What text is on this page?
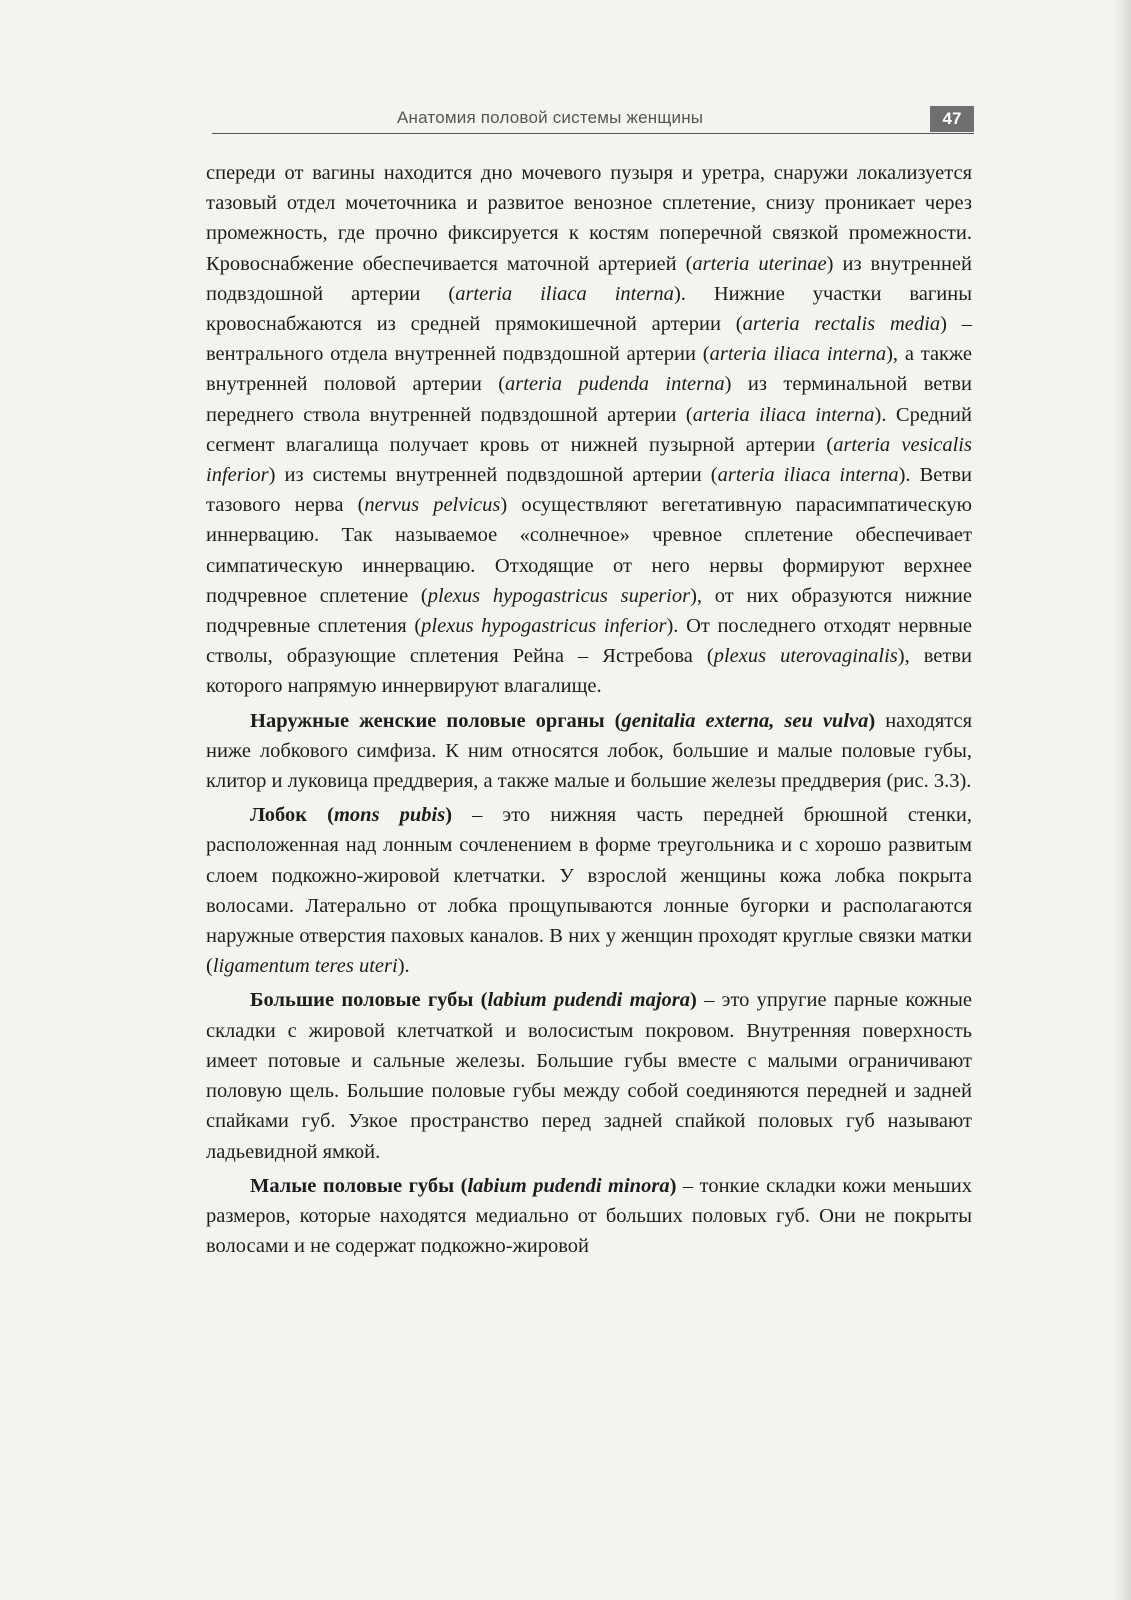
Анатомия половой системы женщины	47

спереди от вагины находится дно мочевого пузыря и уретра, снаружи локализуется тазовый отдел мочеточника и развитое венозное сплетение, снизу проникает через промежность, где прочно фиксируется к костям поперечной связкой промежности. Кровоснабжение обеспечивается маточной артерией (arteria uterinae) из внутренней подвздошной артерии (arteria iliaca interna). Нижние участки вагины кровоснабжаются из средней прямокишечной артерии (arteria rectalis media) – вентрального отдела внутренней подвздошной артерии (arteria iliaca interna), а также внутренней половой артерии (arteria pudenda interna) из терминальной ветви переднего ствола внутренней подвздошной артерии (arteria iliaca interna). Средний сегмент влагалища получает кровь от нижней пузырной артерии (arteria vesicalis inferior) из системы внутренней подвздошной артерии (arteria iliaca interna). Ветви тазового нерва (nervus pelvicus) осуществляют вегетативную парасимпатическую иннервацию. Так называемое «солнечное» чревное сплетение обеспечивает симпатическую иннервацию. Отходящие от него нервы формируют верхнее подчревное сплетение (plexus hypogastricus superior), от них образуются нижние подчревные сплетения (plexus hypogastricus inferior). От последнего отходят нервные стволы, образующие сплетения Рейна – Ястребова (plexus uterovaginalis), ветви которого напрямую иннервируют влагалище.

Наружные женские половые органы (genitalia externa, seu vulva) находятся ниже лобкового симфиза. К ним относятся лобок, большие и малые половые губы, клитор и луковица преддверия, а также малые и большие железы преддверия (рис. 3.3).

Лобок (mons pubis) – это нижняя часть передней брюшной стенки, расположенная над лонным сочленением в форме треугольника и с хорошо развитым слоем подкожно-жировой клетчатки. У взрослой женщины кожа лобка покрыта волосами. Латерально от лобка прощупываются лонные бугорки и располагаются наружные отверстия паховых каналов. В них у женщин проходят круглые связки матки (ligamentum teres uteri).

Большие половые губы (labium pudendi majora) – это упругие парные кожные складки с жировой клетчаткой и волосистым покровом. Внутренняя поверхность имеет потовые и сальные железы. Большие губы вместе с малыми ограничивают половую щель. Большие половые губы между собой соединяются передней и задней спайками губ. Узкое пространство перед задней спайкой половых губ называют ладьевидной ямкой.

Малые половые губы (labium pudendi minora) – тонкие складки кожи меньших размеров, которые находятся медиально от больших половых губ. Они не покрыты волосами и не содержат подкожно-жировой
